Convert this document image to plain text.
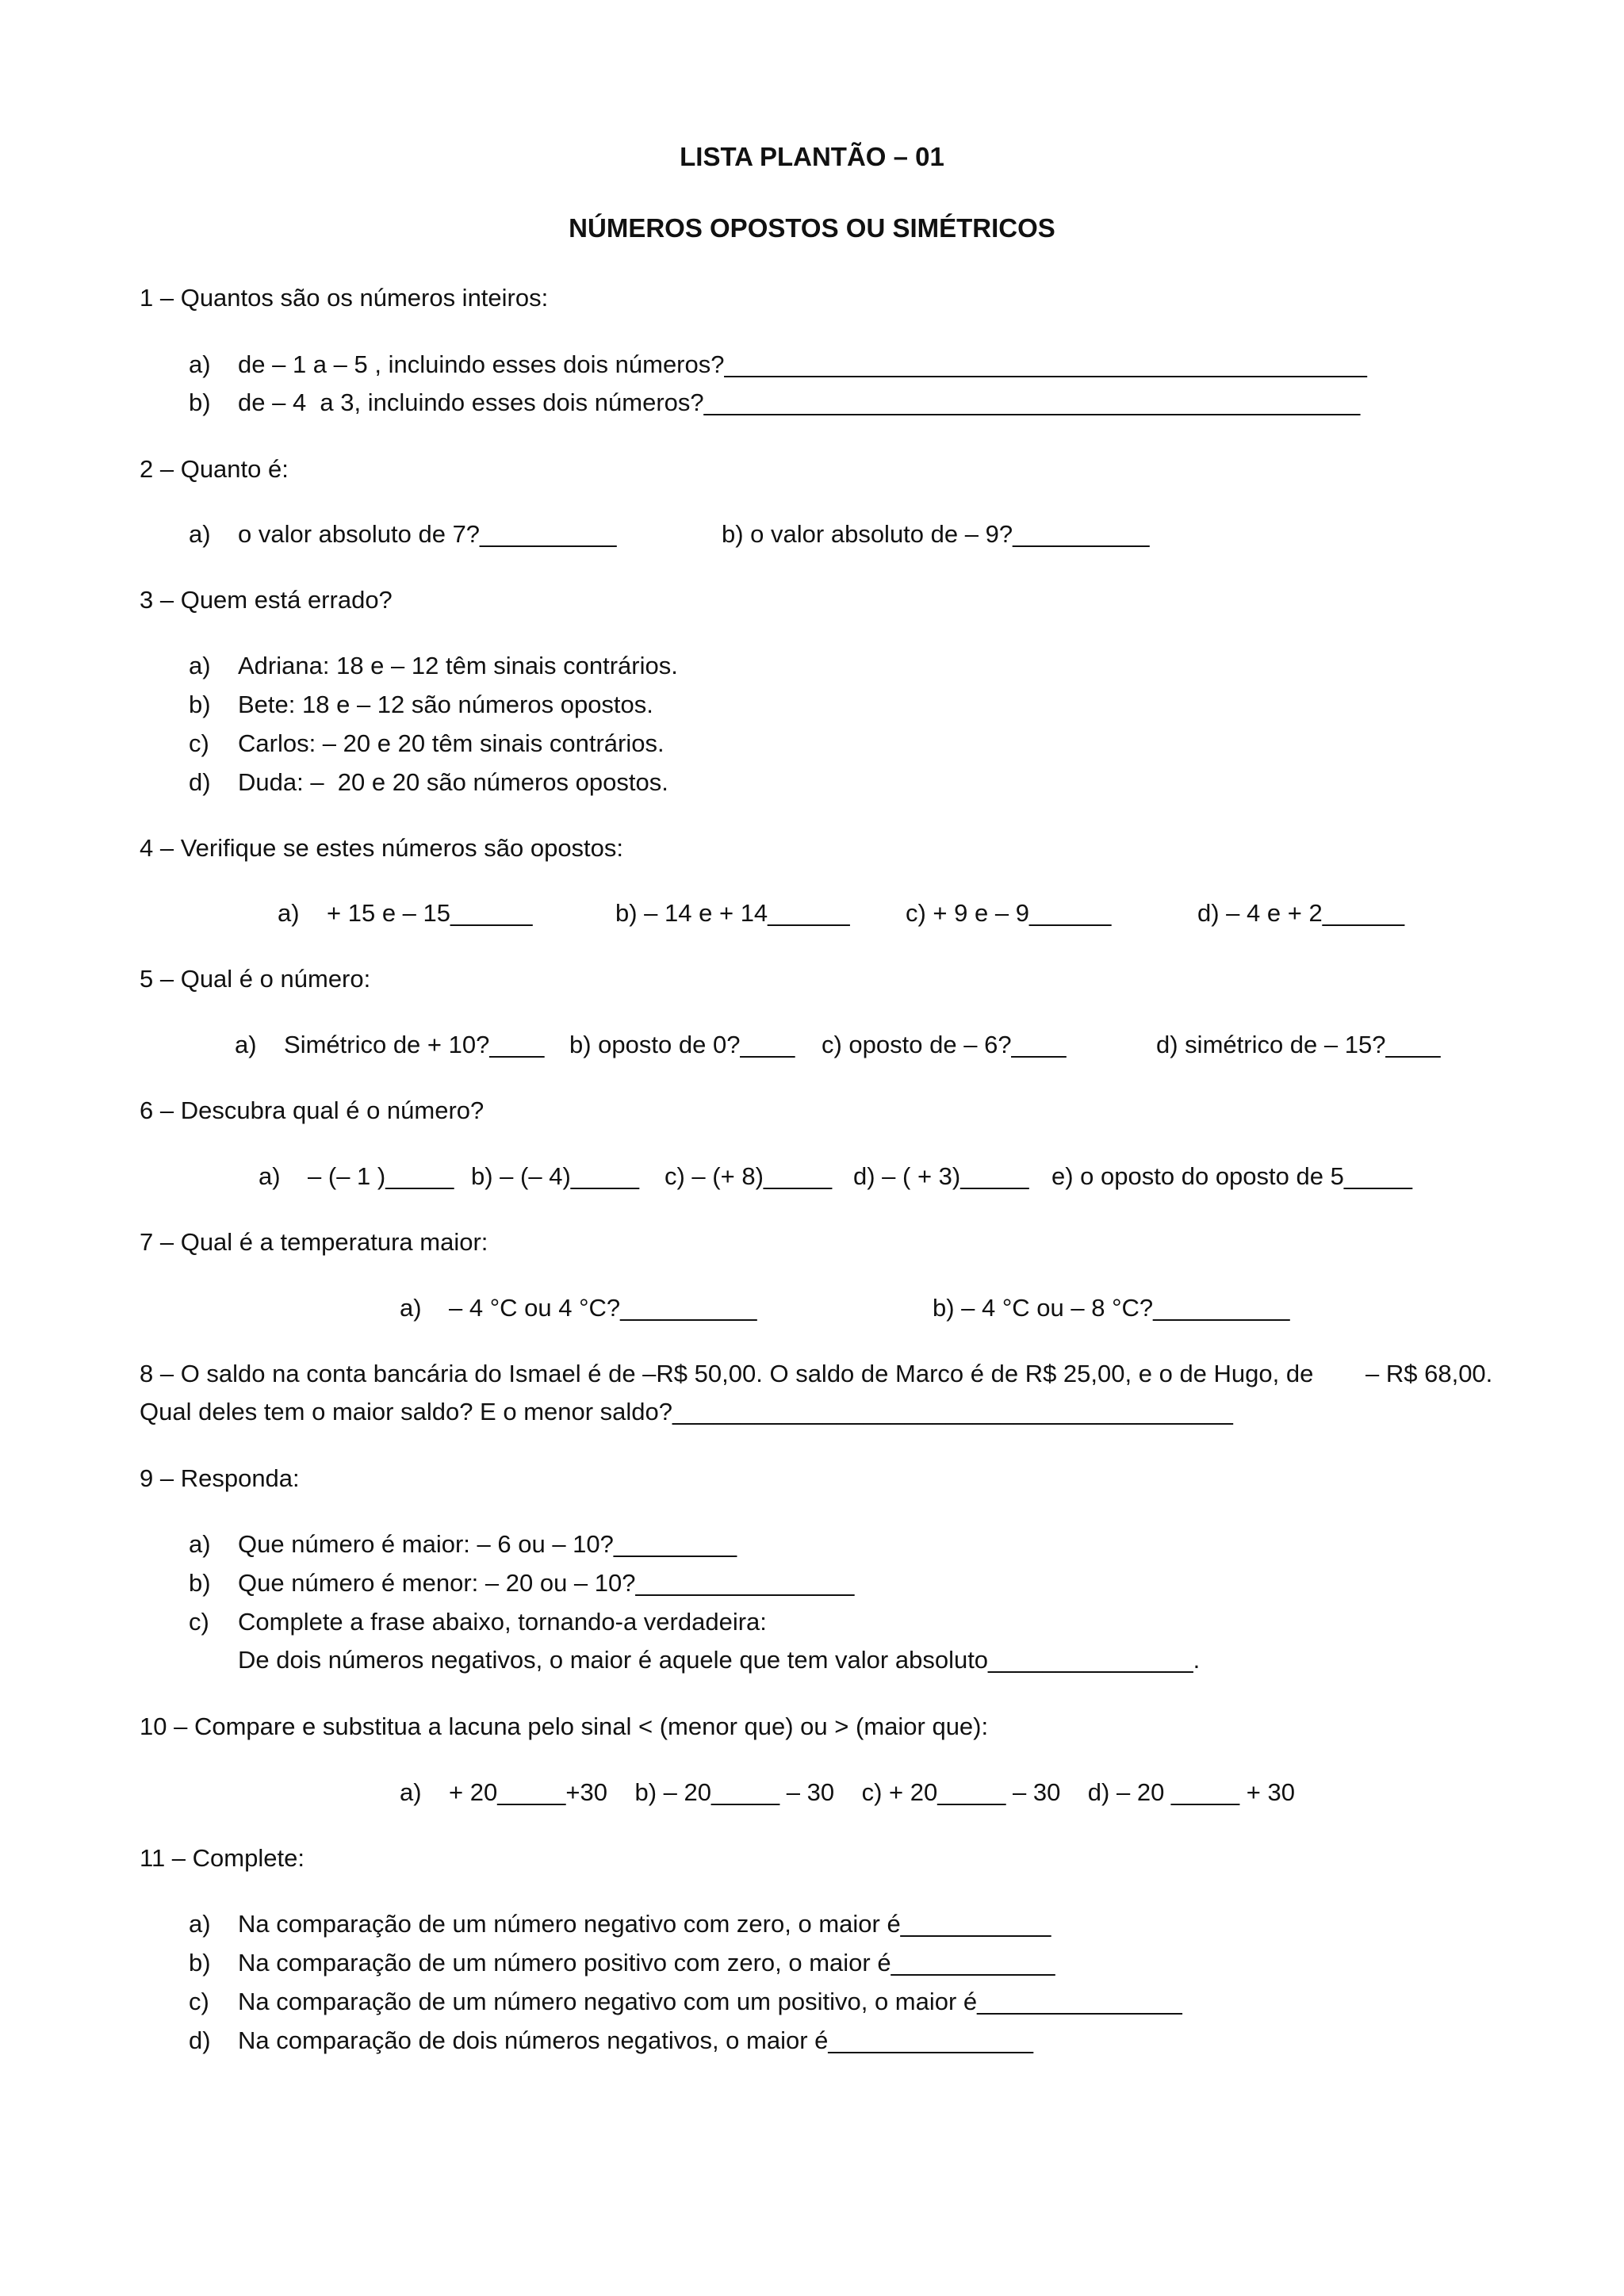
LISTA PLANTÃO – 01
NÚMEROS OPOSTOS OU SIMÉTRICOS
1 – Quantos são os números inteiros:
a) de – 1 a – 5 , incluindo esses dois números?_______________________________________________
b) de – 4  a 3, incluindo esses dois números?________________________________________________
2 – Quanto é:
a) o valor absoluto de 7?__________	b) o valor absoluto de – 9?__________
3 – Quem está errado?
a) Adriana: 18 e – 12 têm sinais contrários.
b) Bete: 18 e – 12 são números opostos.
c) Carlos: – 20 e 20 têm sinais contrários.
d) Duda: –  20 e 20 são números opostos.
4 – Verifique se estes números são opostos:
a)    + 15 e – 15______	b) – 14 e + 14______ c) + 9 e – 9______	d) – 4 e + 2______
5 – Qual é o número:
a)    Simétrico de + 10?____ b) oposto de 0?____ c) oposto de – 6?____	d) simétrico de – 15?____
6 – Descubra qual é o número?
a)    – (– 1 )_____ b) – (– 4)_____ c) – (+ 8)_____ d) – ( + 3)_____ e) o oposto do oposto de 5_____
7 – Qual é a temperatura maior:
a)    – 4 °C ou 4 °C?__________	b) – 4 °C ou – 8 °C?__________
8 – O saldo na conta bancária do Ismael é de –R$ 50,00. O saldo de Marco é de R$ 25,00, e o de Hugo, de – R$ 68,00.
Qual deles tem o maior saldo? E o menor saldo?_________________________________________
9 – Responda:
a) Que número é maior: – 6 ou – 10?_________
b) Que número é menor: – 20 ou – 10?________________
c) Complete a frase abaixo, tornando-a verdadeira:
De dois números negativos, o maior é aquele que tem valor absoluto_______________.
10 – Compare e substitua a lacuna pelo sinal < (menor que) ou > (maior que):
a)    + 20_____+30    b) – 20_____ – 30    c) + 20_____ – 30    d) – 20 _____ + 30
11 – Complete:
a) Na comparação de um número negativo com zero, o maior é___________
b) Na comparação de um número positivo com zero, o maior é____________
c) Na comparação de um número negativo com um positivo, o maior é_______________
d) Na comparação de dois números negativos, o maior é_______________
